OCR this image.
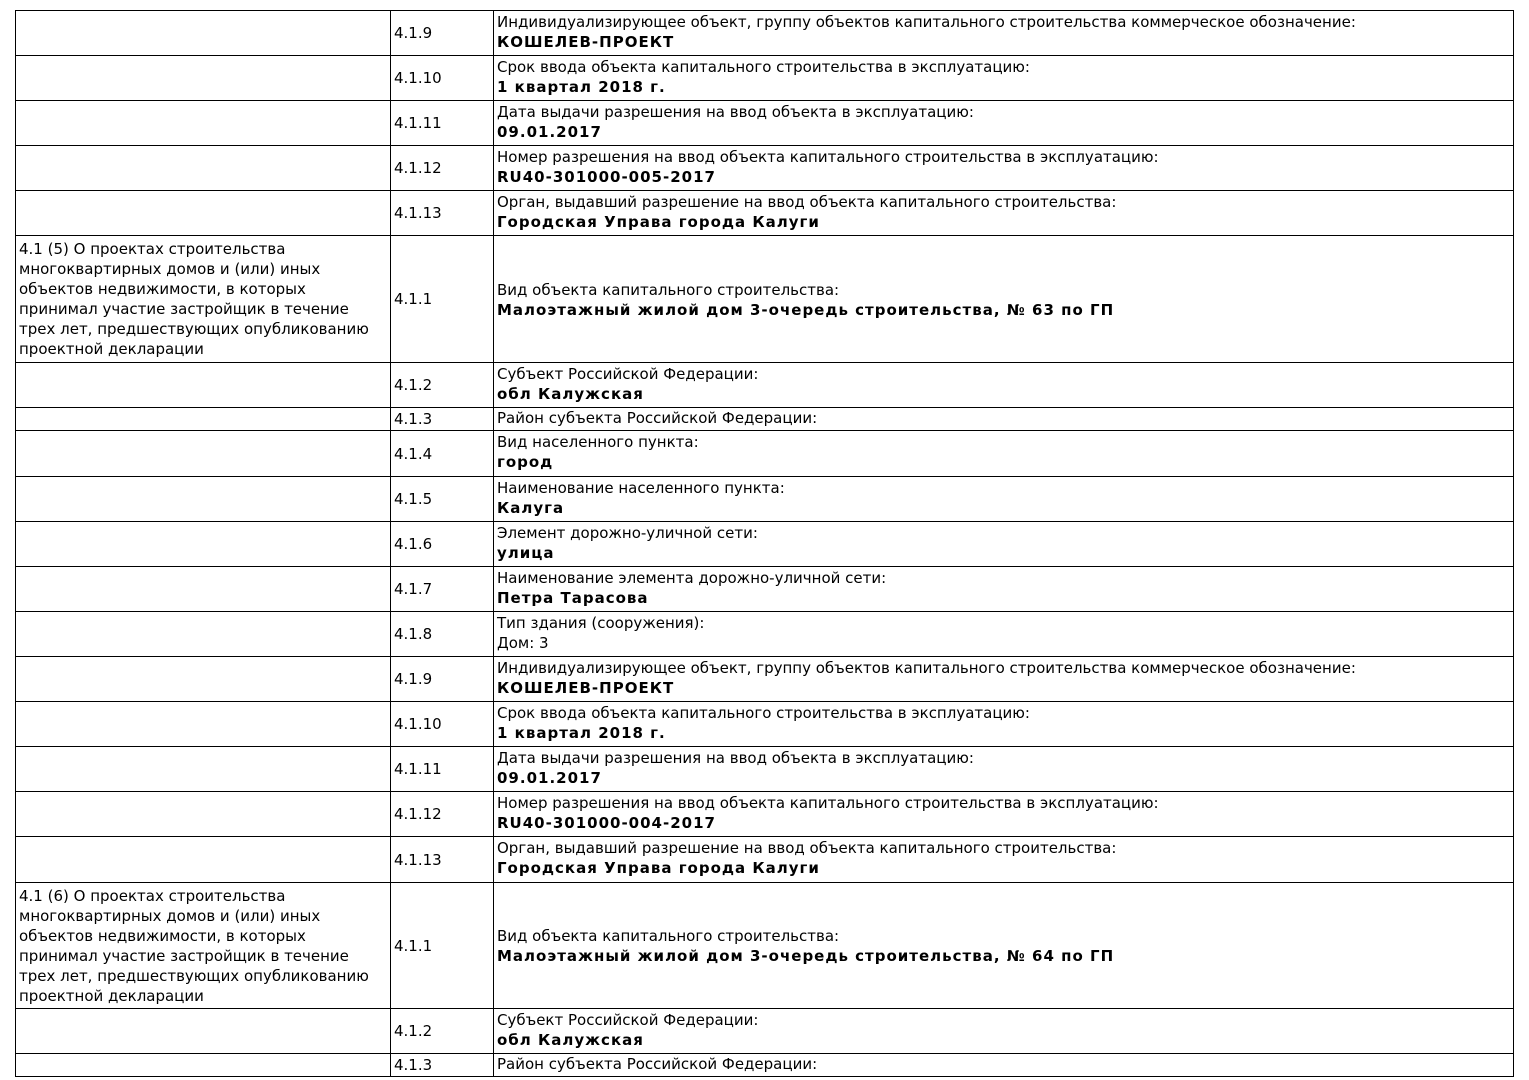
	4.1.9	Индивидуализирующее объект, группу объектов капитального строительства коммерческое обозначение:
КОШЕЛЕВ-ПРОЕКТ

	4.1.10	Срок ввода объекта капитального строительства в эксплуатацию:
1 квартал 2018 г.

	4.1.11	Дата выдачи разрешения на ввод объекта в эксплуатацию:
09.01.2017

	4.1.12	Номер разрешения на ввод объекта капитального строительства в эксплуатацию:
RU40-301000-005-2017

	4.1.13	Орган, выдавший разрешение на ввод объекта капитального строительства:
Городская Управа города Калуги

4.1 (5) О проектах строительства многоквартирных домов и (или) иных объектов недвижимости, в которых принимал участие застройщик в течение трех лет, предшествующих опубликованию проектной декларации	4.1.1	Вид объекта капитального строительства:
Малоэтажный жилой дом 3-очередь строительства, № 63 по ГП

	4.1.2	Субъект Российской Федерации:
обл Калужская

	4.1.3	Район субъекта Российской Федерации:

	4.1.4	Вид населенного пункта:
город

	4.1.5	Наименование населенного пункта:
Калуга

	4.1.6	Элемент дорожно-уличной сети:
улица

	4.1.7	Наименование элемента дорожно-уличной сети:
Петра Тарасова

	4.1.8	Тип здания (сооружения):
Дом: 3

	4.1.9	Индивидуализирующее объект, группу объектов капитального строительства коммерческое обозначение:
КОШЕЛЕВ-ПРОЕКТ

	4.1.10	Срок ввода объекта капитального строительства в эксплуатацию:
1 квартал 2018 г.

	4.1.11	Дата выдачи разрешения на ввод объекта в эксплуатацию:
09.01.2017

	4.1.12	Номер разрешения на ввод объекта капитального строительства в эксплуатацию:
RU40-301000-004-2017

	4.1.13	Орган, выдавший разрешение на ввод объекта капитального строительства:
Городская Управа города Калуги

4.1 (6) О проектах строительства многоквартирных домов и (или) иных объектов недвижимости, в которых принимал участие застройщик в течение трех лет, предшествующих опубликованию проектной декларации	4.1.1	Вид объекта капитального строительства:
Малоэтажный жилой дом 3-очередь строительства, № 64 по ГП

	4.1.2	Субъект Российской Федерации:
обл Калужская

	4.1.3	Район субъекта Российской Федерации:
